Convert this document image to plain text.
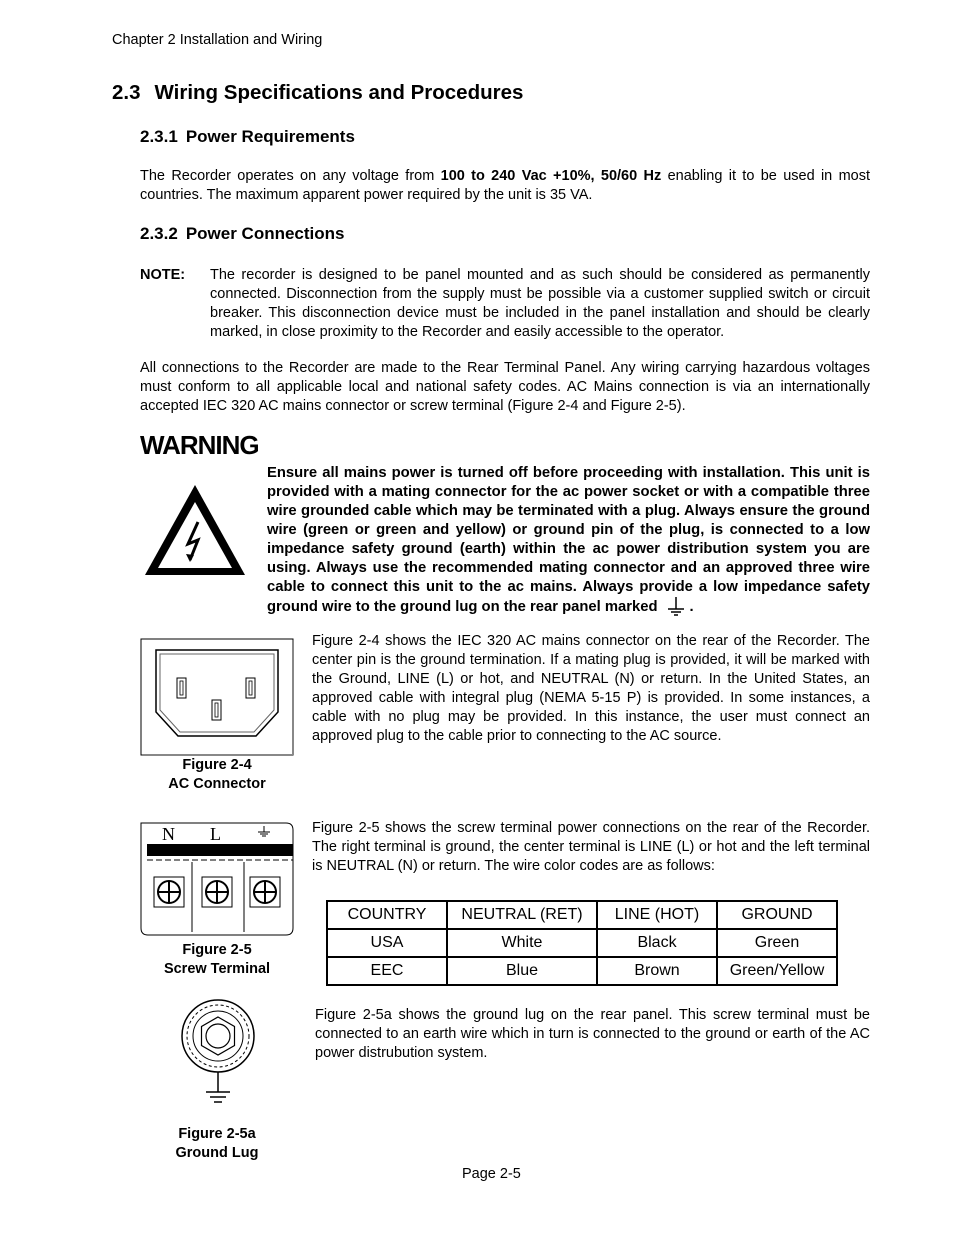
Chapter 2 Installation and Wiring
2.3 Wiring Specifications and Procedures
2.3.1 Power Requirements
The Recorder operates on any voltage from 100 to 240 Vac +10%, 50/60 Hz enabling it to be used in most countries. The maximum apparent power required by the unit is 35 VA.
2.3.2 Power Connections
NOTE: The recorder is designed to be panel mounted and as such should be considered as permanently connected. Disconnection from the supply must be possible via a customer supplied switch or circuit breaker. This disconnection device must be included in the panel installation and should be clearly marked, in close proximity to the Recorder and easily accessible to the operator.
All connections to the Recorder are made to the Rear Terminal Panel. Any wiring carrying hazardous voltages must conform to all applicable local and national safety codes. AC Mains connection is via an internationally accepted IEC 320 AC mains connector or screw terminal (Figure 2-4 and Figure 2-5).
WARNING
Ensure all mains power is turned off before proceeding with installation. This unit is provided with a mating connector for the ac power socket or with a compatible three wire grounded cable which may be terminated with a plug. Always ensure the ground wire (green or green and yellow) or ground pin of the plug, is connected to a low impedance safety ground (earth) within the ac power distribution system you are using. Always use the recommended mating connector and an approved three wire cable to connect this unit to the ac mains. Always provide a low impedance safety ground wire to the ground lug on the rear panel marked .
Figure 2-4
AC Connector
Figure 2-4 shows the IEC 320 AC mains connector on the rear of the Recorder. The center pin is the ground termination. If a mating plug is provided, it will be marked with the Ground, LINE (L) or hot, and NEUTRAL (N) or return. In the United States, an approved cable with integral plug (NEMA 5-15 P) is provided. In some instances, a cable with no plug may be provided. In this instance, the user must connect an approved plug to the cable prior to connecting to the AC source.
N L
Figure 2-5
Screw Terminal
Figure 2-5 shows the screw terminal power connections on the rear of the Recorder. The right terminal is ground, the center terminal is LINE (L) or hot and the left terminal is NEUTRAL (N) or return. The wire color codes are as follows:
COUNTRY	NEUTRAL (RET)	LINE (HOT)	GROUND
USA	White	Black	Green
EEC	Blue	Brown	Green/Yellow
Figure 2-5a
Ground Lug
Figure 2-5a shows the ground lug on the rear panel. This screw terminal must be connected to an earth wire which in turn is connected to the ground or earth of the AC power distrubution system.
Page 2-5
